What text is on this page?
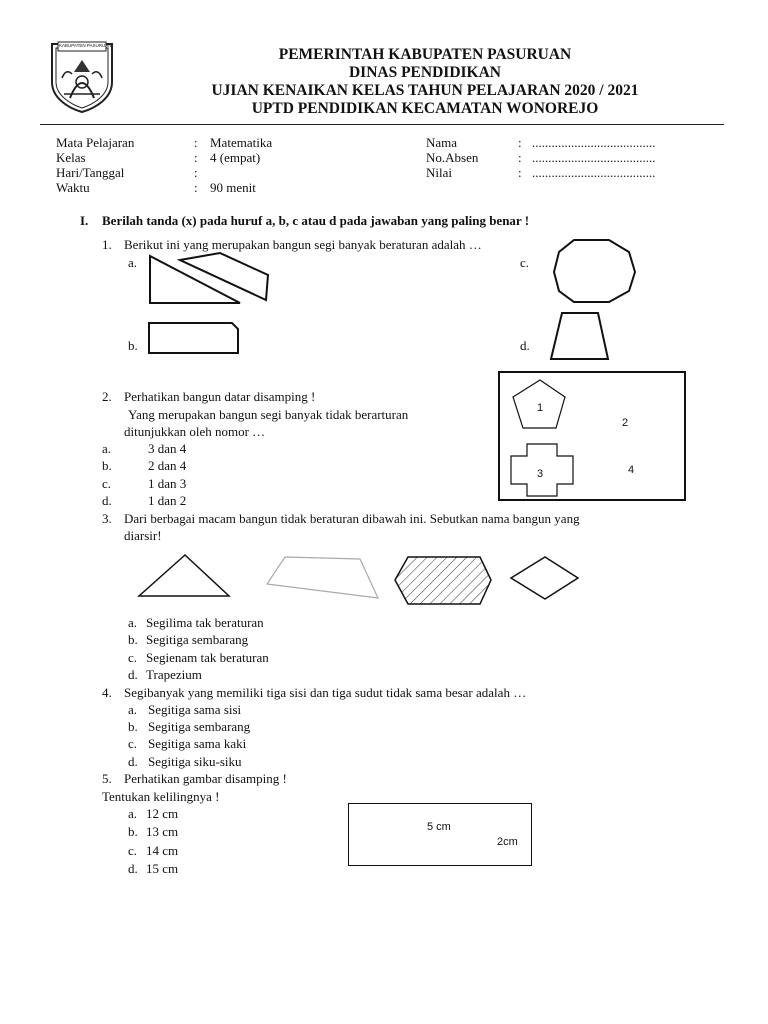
KABUPATEN PASURUAN
PEMERINTAH KABUPATEN PASURUAN
DINAS PENDIDIKAN
UJIAN KENAIKAN KELAS TAHUN PELAJARAN 2020 / 2021
UPTD PENDIDIKAN KECAMATAN WONOREJO
Mata Pelajaran	: Matematika
Kelas	: 4 (empat)
Hari/Tanggal	:
Waktu	: 90 menit
Nama	: ......................................
No.Absen	: ......................................
Nilai	: ......................................
I. Berilah tanda (x) pada huruf a, b, c atau d pada jawaban yang paling benar !
1. Berikut ini yang merupakan bangun segi banyak beraturan adalah …
a.
b.
c.
d.
2. Perhatikan bangun datar disamping !
Yang merupakan bangun segi banyak tidak berarturan
ditunjukkan oleh nomor …
a.	3 dan 4
b.	2 dan 4
c.	1 dan 3
d.	1 dan 2
1
2
3	4
3. Dari berbagai macam bangun tidak beraturan dibawah ini. Sebutkan nama bangun yang
diarsir!
a. Segilima tak beraturan
b. Segitiga sembarang
c. Segienam tak beraturan
d. Trapezium
4. Segibanyak yang memiliki tiga sisi dan tiga sudut tidak sama besar adalah …
a. Segitiga sama sisi
b. Segitiga sembarang
c. Segitiga sama kaki
d. Segitiga siku-siku
5. Perhatikan gambar disamping !
Tentukan kelilingnya !
a. 12 cm
b. 13 cm
c. 14 cm
d. 15 cm
5 cm
2cm
